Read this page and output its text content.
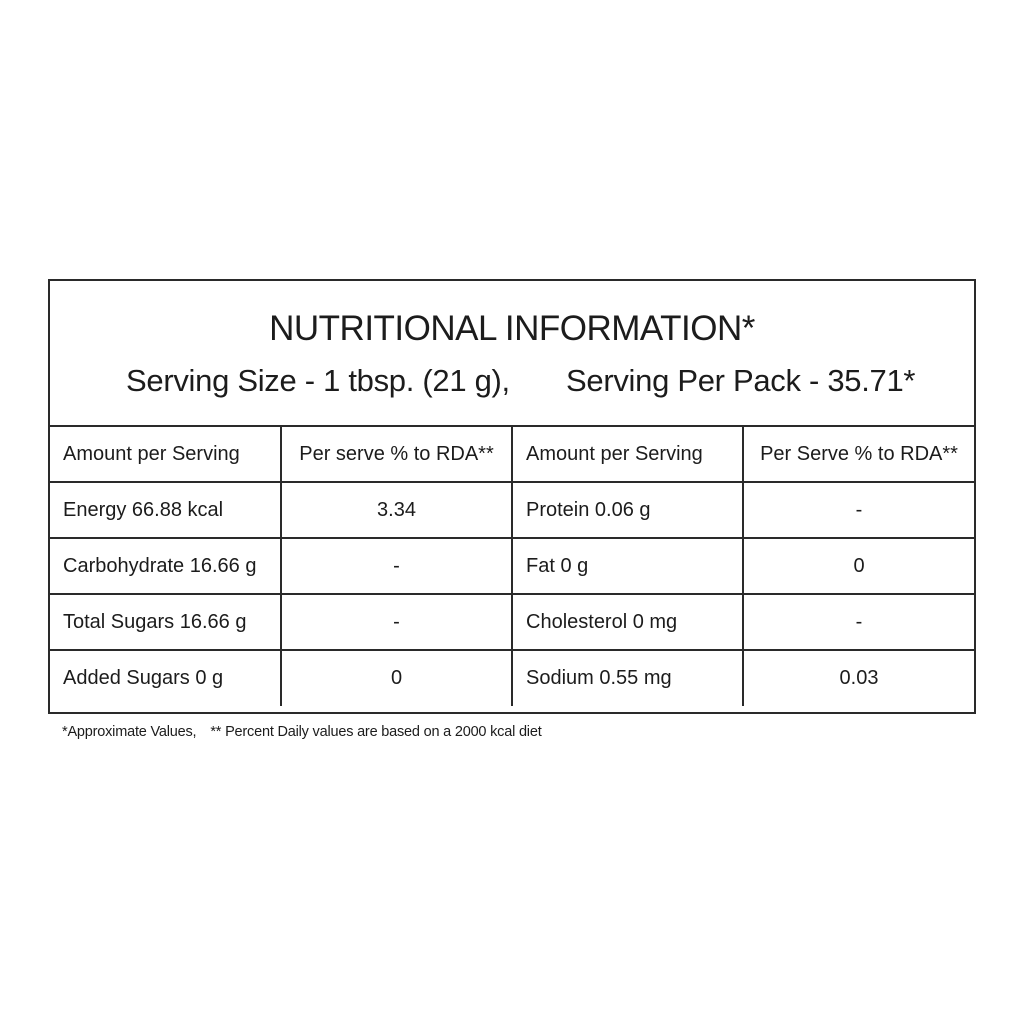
NUTRITIONAL INFORMATION*
Serving Size - 1 tbsp. (21 g), Serving Per Pack - 35.71*
Amount per Serving	Per serve % to RDA**	Amount per Serving	Per Serve % to RDA**
Energy 66.88 kcal	3.34	Protein 0.06 g	-
Carbohydrate 16.66 g	-	Fat 0 g	0
Total Sugars 16.66 g	-	Cholesterol 0 mg	-
Added Sugars 0 g	0	Sodium 0.55 mg	0.03
*Approximate Values, ** Percent Daily values are based on a 2000 kcal diet
